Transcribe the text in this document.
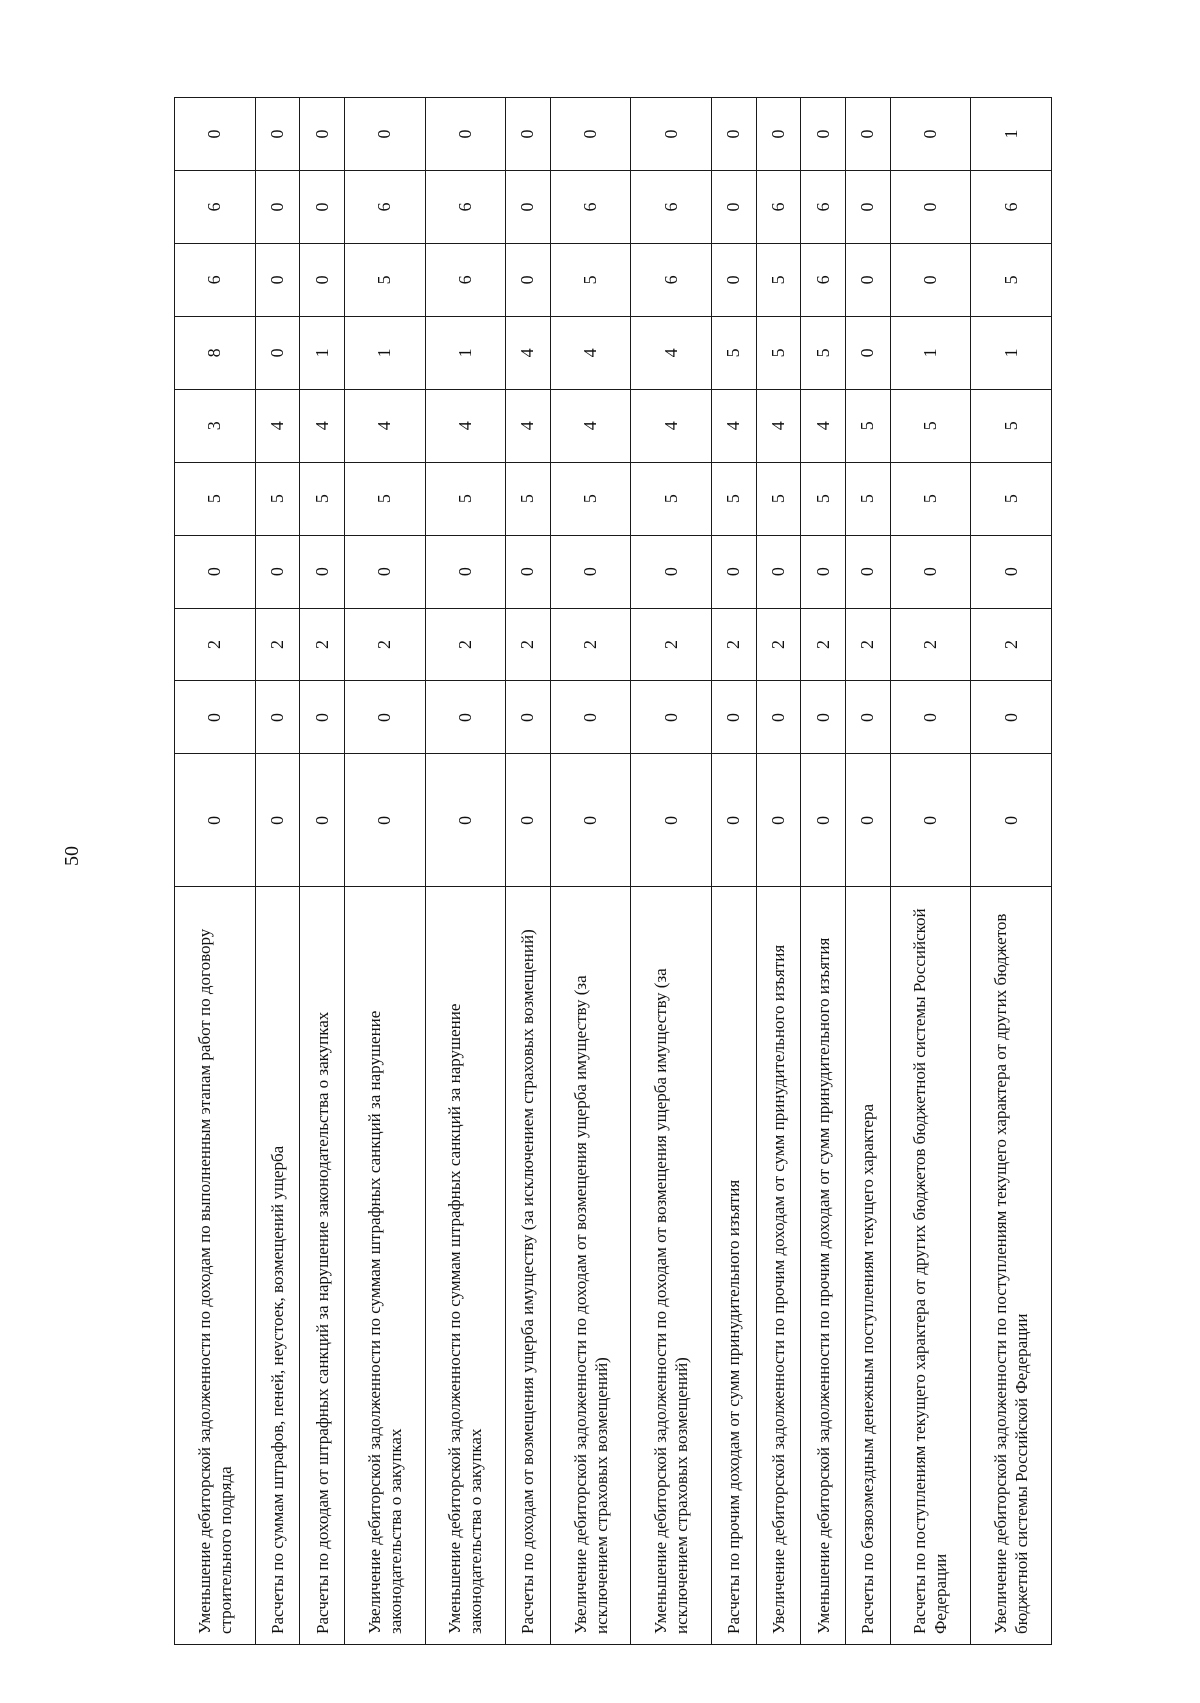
50
Уменьшение дебиторской задолженности по доходам по выполненным этапам работ по договору строительного подряда	0	0	2	0	5	3	8	6	6	0
Расчеты по суммам штрафов, пеней, неустоек, возмещений ущерба	0	0	2	0	5	4	0	0	0	0
Расчеты по доходам от штрафных санкций за нарушение законодательства о закупках	0	0	2	0	5	4	1	0	0	0
Увеличение дебиторской задолженности по суммам штрафных санкций за нарушение законодательства о закупках	0	0	2	0	5	4	1	5	6	0
Уменьшение дебиторской задолженности по суммам штрафных санкций за нарушение законодательства о закупках	0	0	2	0	5	4	1	6	6	0
Расчеты по доходам от возмещения ущерба имуществу (за исключением страховых возмещений)	0	0	2	0	5	4	4	0	0	0
Увеличение дебиторской задолженности по доходам от возмещения ущерба имуществу (за исключением страховых возмещений)	0	0	2	0	5	4	4	5	6	0
Уменьшение дебиторской задолженности по доходам от возмещения ущерба имуществу (за исключением страховых возмещений)	0	0	2	0	5	4	4	6	6	0
Расчеты по прочим доходам от сумм принудительного изъятия	0	0	2	0	5	4	5	0	0	0
Увеличение дебиторской задолженности по прочим доходам от сумм принудительного изъятия	0	0	2	0	5	4	5	5	6	0
Уменьшение дебиторской задолженности по прочим доходам от сумм принудительного изъятия	0	0	2	0	5	4	5	6	6	0
Расчеты по безвозмездным денежным поступлениям текущего характера	0	0	2	0	5	5	0	0	0	0
Расчеты по поступлениям текущего характера от других бюджетов бюджетной системы Российской Федерации	0	0	2	0	5	5	1	0	0	0
Увеличение дебиторской задолженности по поступлениям текущего характера от других бюджетов бюджетной системы Российской Федерации	0	0	2	0	5	5	1	5	6	1
